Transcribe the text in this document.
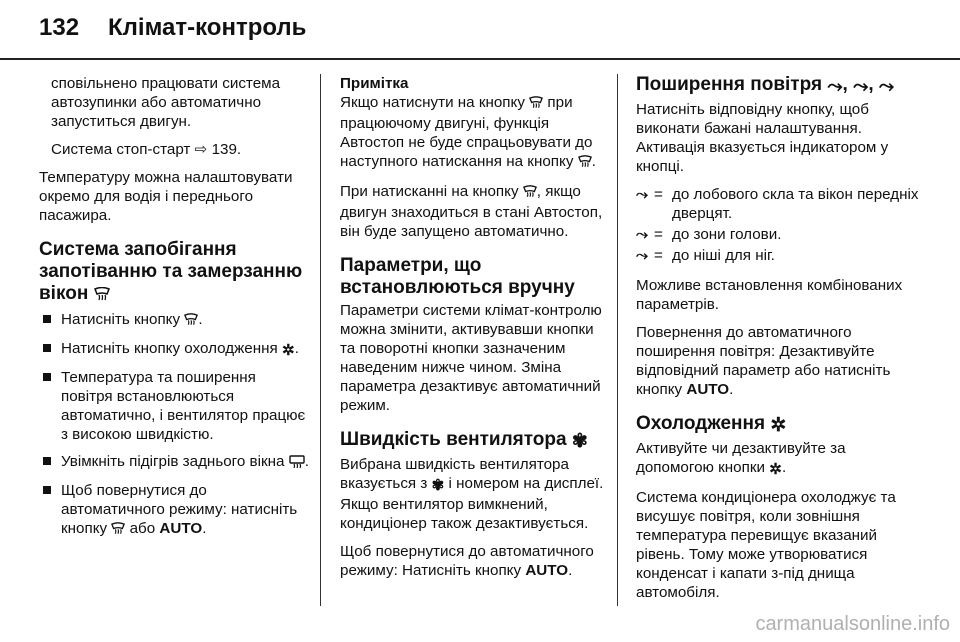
132 Клімат-контроль

сповільнено працювати система автозупинки або автоматично запуститься двигун.

Система стоп-старт ⇨ 139.

Температуру можна налаштовувати окремо для водія і переднього пасажира.

Система запобігання запотіванню та замерзанню вікон
Натисніть кнопку .
Натисніть кнопку охолодження ✲.
Температура та поширення повітря встановлюються автоматично, і вентилятор працює з високою швидкістю.
Увімкніть підігрів заднього вікна .
Щоб повернутися до автоматичного режиму: натисніть кнопку або AUTO.
Примітка

Якщо натиснути на кнопку при працюючому двигуні, функція Автостоп не буде спрацьовувати до наступного натискання на кнопку .

При натисканні на кнопку , якщо двигун знаходиться в стані Автостоп, він буде запущено автоматично.

Параметри, що встановлюються вручну

Параметри системи клімат-контролю можна змінити, активувавши кнопки та поворотні кнопки зазначеним наведеним нижче чином. Зміна параметра дезактивує автоматичний режим.

Швидкість вентилятора ✾

Вибрана швидкість вентилятора вказується з ✾ і номером на дисплеї. Якщо вентилятор вимкнений, кондиціонер також дезактивується.

Щоб повернутися до автоматичного режиму: Натисніть кнопку AUTO.

Поширення повітря ⤳, ⤳, ⤳

Натисніть відповідну кнопку, щоб виконати бажані налаштування. Активація вказується індикатором у кнопці.

⤳ = до лобового скла та вікон передніх дверцят.
⤳ = до зони голови.
⤳ = до ніші для ніг.

Можливе встановлення комбінованих параметрів.

Повернення до автоматичного поширення повітря: Дезактивуйте відповідний параметр або натисніть кнопку AUTO.

Охолодження ✲

Активуйте чи дезактивуйте за допомогою кнопки ✲.

Система кондиціонера охолоджує та висушує повітря, коли зовнішня температура перевищує вказаний рівень. Тому може утворюватися конденсат і капати з-під днища автомобіля.

carmanualsonline.info
